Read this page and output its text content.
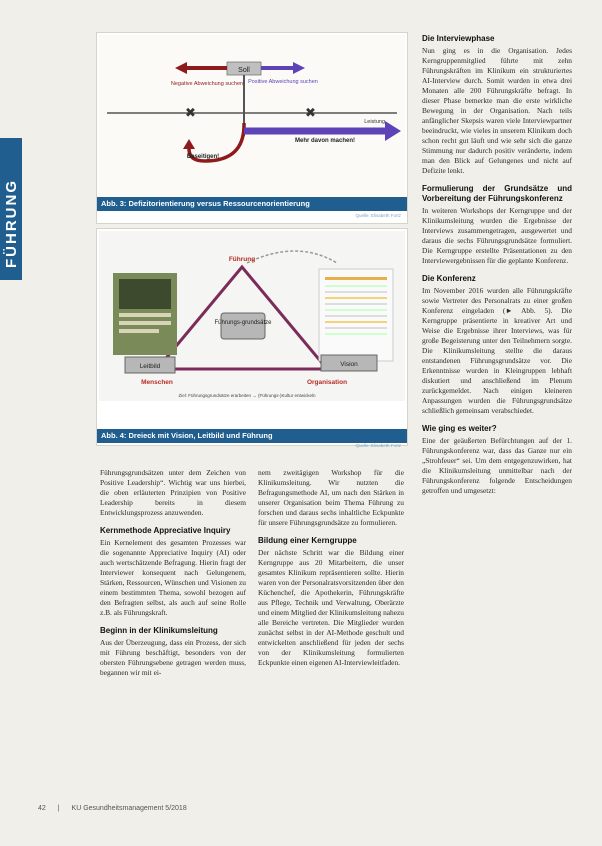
FÜHRUNG
Soll
Negative Abweichung suchen Positive Abweichung suchen
✖	✖
Leistung
Beseitigen!
Mehr davon machen!
Abb. 3: Defizitorientierung versus Ressourcenorientierung
Quelle: Elisabeth Fortz
Führungs-grundsätze
Leitbild	Vision
Führung
Menschen	Organisation
Ziel: Führungsgrundsätze erarbeiten → (Führungs-)Kultur entwickeln
Abb. 4: Dreieck mit Vision, Leitbild und Führung
Quelle: Elisabeth Fortz

Führungsgrundsätzen unter dem Zeichen von Positive Leadership“. Wichtig war uns hierbei, die oben erläuterten Prinzipien von Positive Leadership bereits in diesem Entwicklungsprozess anzuwenden.

Kernmethode Appreciative Inquiry

Ein Kernelement des gesamten Prozesses war die sogenannte Appreciative Inquiry (AI) oder auch wertschätzende Befragung. Hierin fragt der Interviewer konsequent nach Gelungenem, Stärken, Ressourcen, Wünschen und Visionen zu einem bestimmten Thema, sowohl bezogen auf den Befragten selbst, als auch auf seine Rolle z.B. als Führungskraft.

Beginn in der Klinikumsleitung

Aus der Überzeugung, dass ein Prozess, der sich mit Führung beschäftigt, besonders von der obersten Führungsebene getragen werden muss, begannen wir mit ei-

nem zweitägigen Workshop für die Klinikumsleitung. Wir nutzten die Befragungsmethode AI, um nach den Stärken in unserer Organisation beim Thema Führung zu forschen und daraus sechs inhaltliche Eckpunkte für unsere Führungsgrundsätze zu formulieren.

Bildung einer Kerngruppe

Der nächste Schritt war die Bildung einer Kerngruppe aus 20 Mitarbeitern, die unser gesamtes Klinikum repräsentieren sollte. Hierin waren von der Personalratsvorsitzenden über den Küchenchef, die Apothekerin, Führungskräfte aus Pflege, Technik und Verwaltung, Oberärzte und einem Mitglied der Klinikumsleitung nahezu alle Bereiche vertreten. Die Mitglieder wurden zunächst selbst in der AI-Methode geschult und entwickelten anschließend für jeden der sechs von der Klinikumsleitung formulierten Eckpunkte einen eigenen AI-Interviewleitfaden.

Die Interviewphase

Nun ging es in die Organisation. Jedes Kerngruppenmitglied führte mit zehn Führungskräften im Klinikum ein strukturiertes AI-Interview durch. Somit wurden in etwa drei Monaten alle 200 Führungskräfte befragt. In dieser Phase bemerkte man die erste wirkliche Bewegung in der Organisation. Nach teils anfänglicher Skepsis waren viele Interviewpartner beeindruckt, wie vieles in unserem Klinikum doch schon recht gut läuft und wie sehr sich die ganze Stimmung nur dadurch positiv veränderte, indem man den Blick auf Gelungenes und nicht auf Defizite lenkt.

Formulierung der Grundsätze und Vorbereitung der Führungskonferenz

In weiteren Workshops der Kerngruppe und der Klinikumsleitung wurden die Ergebnisse der Interviews zusammengetragen, ausgewertet und daraus die sechs Führungsgrundsätze formuliert. Die Kerngruppe erstellte Präsentationen zu den Interviewergebnissen für die geplante Konferenz.

Die Konferenz

Im November 2016 wurden alle Führungskräfte sowie Vertreter des Personalrats zu einer großen Konferenz eingeladen (► Abb. 5). Die Kerngruppe präsentierte in kreativer Art und Weise die Ergebnisse ihrer Interviews, was für große Begeisterung unter den Teilnehmern sorgte. Die Klinikumsleitung stellte die daraus entstandenen Führungsgrundsätze vor. Die Erkenntnisse wurden in Kleingruppen lebhaft diskutiert und anschließend im Plenum zurückgemeldet. Nach einigen kleineren Anpassungen wurden die Führungsgrundsätze schließlich gemeinsam verabschiedet.

Wie ging es weiter?

Eine der geäußerten Befürchtungen auf der 1. Führungskonferenz war, dass das Ganze nur ein „Strohfeuer“ sei. Um dem entgegenzuwirken, hat die Klinikumsleitung unmittelbar nach der Führungskonferenz folgende Entscheidungen getroffen und umgesetzt:

42 | KU Gesundheitsmanagement 5/2018
